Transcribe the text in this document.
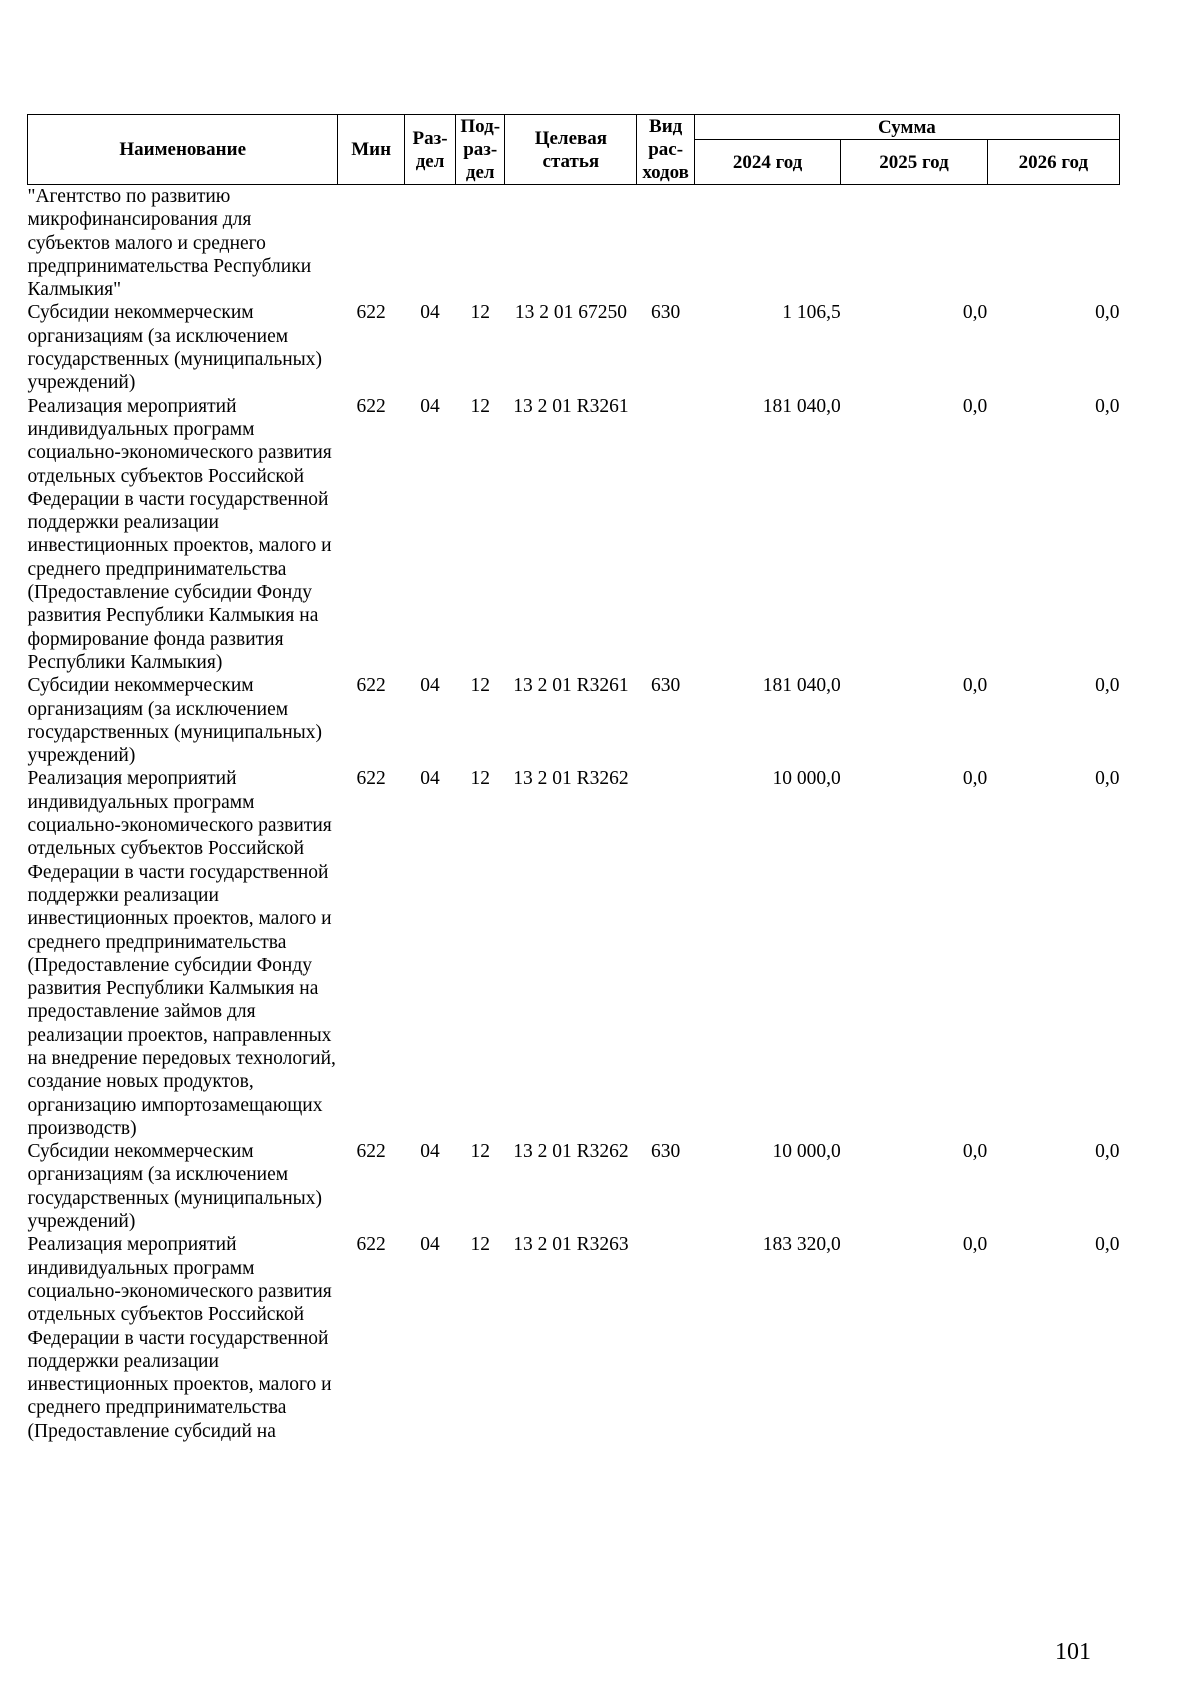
Наименование	Мин	Раз-дел	Под-раз-дел	Целевая статья	Вид рас-ходов	Сумма		
						2024 год	2025 год	2026 год
"Агентство по развитию микрофинансирования для субъектов малого и среднего предпринимательства Республики Калмыкия"								
Субсидии некоммерческим организациям (за исключением государственных (муниципальных) учреждений)	622	04	12	13 2 01 67250	630	1 106,5	0,0	0,0
Реализация мероприятий индивидуальных программ социально-экономического развития отдельных субъектов Российской Федерации в части государственной поддержки реализации инвестиционных проектов, малого и среднего предпринимательства (Предоставление субсидии Фонду развития Республики Калмыкия на формирование фонда развития Республики Калмыкия)	622	04	12	13 2 01 R3261		181 040,0	0,0	0,0
Субсидии некоммерческим организациям (за исключением государственных (муниципальных) учреждений)	622	04	12	13 2 01 R3261	630	181 040,0	0,0	0,0
Реализация мероприятий индивидуальных программ социально-экономического развития отдельных субъектов Российской Федерации в части государственной поддержки реализации инвестиционных проектов, малого и среднего предпринимательства (Предоставление субсидии Фонду развития Республики Калмыкия на предоставление займов для реализации проектов, направленных на внедрение передовых технологий, создание новых продуктов, организацию импортозамещающих производств)	622	04	12	13 2 01 R3262		10 000,0	0,0	0,0
Субсидии некоммерческим организациям (за исключением государственных (муниципальных) учреждений)	622	04	12	13 2 01 R3262	630	10 000,0	0,0	0,0
Реализация мероприятий индивидуальных программ социально-экономического развития отдельных субъектов Российской Федерации в части государственной поддержки реализации инвестиционных проектов, малого и среднего предпринимательства (Предоставление субсидий на	622	04	12	13 2 01 R3263		183 320,0	0,0	0,0
101
